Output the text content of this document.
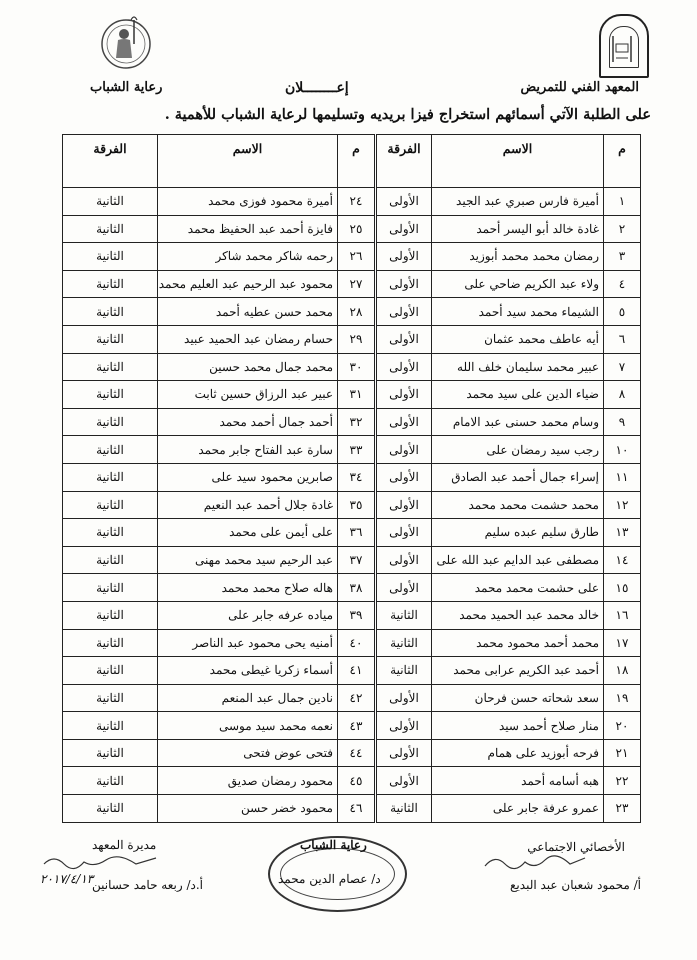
المعهد الفني للتمريض
إعــــــــلان
رعاية الشباب
على الطلبة الآتي أسمائهم استخراج فيزا بريديه وتسليمها لرعاية الشباب للأهمية .
م	الاسم	الفرقة		م	الاسم	الفرقة
١	أميرة فارس صبري عبد الجيد	الأولى		٢٤	أميرة محمود فوزى محمد	الثانية
٢	غادة خالد أبو اليسر أحمد	الأولى		٢٥	فايزة أحمد عبد الحفيظ محمد	الثانية
٣	رمضان محمد محمد أبوزيد	الأولى		٢٦	رحمه شاكر محمد شاكر	الثانية
٤	ولاء عبد الكريم ضاحي على	الأولى		٢٧	محمود عبد الرحيم عبد العليم محمد	الثانية
٥	الشيماء محمد سيد أحمد	الأولى		٢٨	محمد حسن عطيه أحمد	الثانية
٦	أيه عاطف محمد عثمان	الأولى		٢٩	حسام رمضان عبد الحميد عبيد	الثانية
٧	عبير محمد سليمان خلف الله	الأولى		٣٠	محمد جمال محمد حسين	الثانية
٨	ضياء الدين على سيد محمد	الأولى		٣١	عبير عبد الرزاق حسين ثابت	الثانية
٩	وسام محمد حسنى عبد الامام	الأولى		٣٢	أحمد جمال أحمد محمد	الثانية
١٠	رجب سيد رمضان على	الأولى		٣٣	سارة عبد الفتاح جابر محمد	الثانية
١١	إسراء جمال أحمد عبد الصادق	الأولى		٣٤	صابرين محمود سيد على	الثانية
١٢	محمد حشمت محمد محمد	الأولى		٣٥	غادة جلال أحمد عبد النعيم	الثانية
١٣	طارق سليم عبده سليم	الأولى		٣٦	على أيمن على محمد	الثانية
١٤	مصطفى عبد الدايم عبد الله على	الأولى		٣٧	عبد الرحيم سيد محمد مهنى	الثانية
١٥	على حشمت محمد محمد	الأولى		٣٨	هاله صلاح محمد محمد	الثانية
١٦	خالد محمد عبد الحميد محمد	الثانية		٣٩	مياده عرفه جابر على	الثانية
١٧	محمد أحمد محمود محمد	الثانية		٤٠	أمنيه يحى محمود عبد الناصر	الثانية
١٨	أحمد عبد الكريم عرابى محمد	الثانية		٤١	أسماء زكريا غيطى محمد	الثانية
١٩	سعد شحاته حسن فرحان	الأولى		٤٢	نادين جمال عبد المنعم	الثانية
٢٠	منار صلاح أحمد سيد	الأولى		٤٣	نعمه محمد سيد موسى	الثانية
٢١	فرحه أبوزيد على همام	الأولى		٤٤	فتحى عوض فتحى	الثانية
٢٢	هبه أسامه أحمد	الأولى		٤٥	محمود رمضان صديق	الثانية
٢٣	عمرو عرفة جابر على	الثانية		٤٦	محمود خضر حسن	الثانية
الأخصائي الاجتماعي
أ/ محمود شعبان عبد البديع
رعاية الشباب
د/ عصام الدين محمد
مديرة المعهد
٢٠١٧/٤/١٣
أ.د/ ربعه حامد حسانين
